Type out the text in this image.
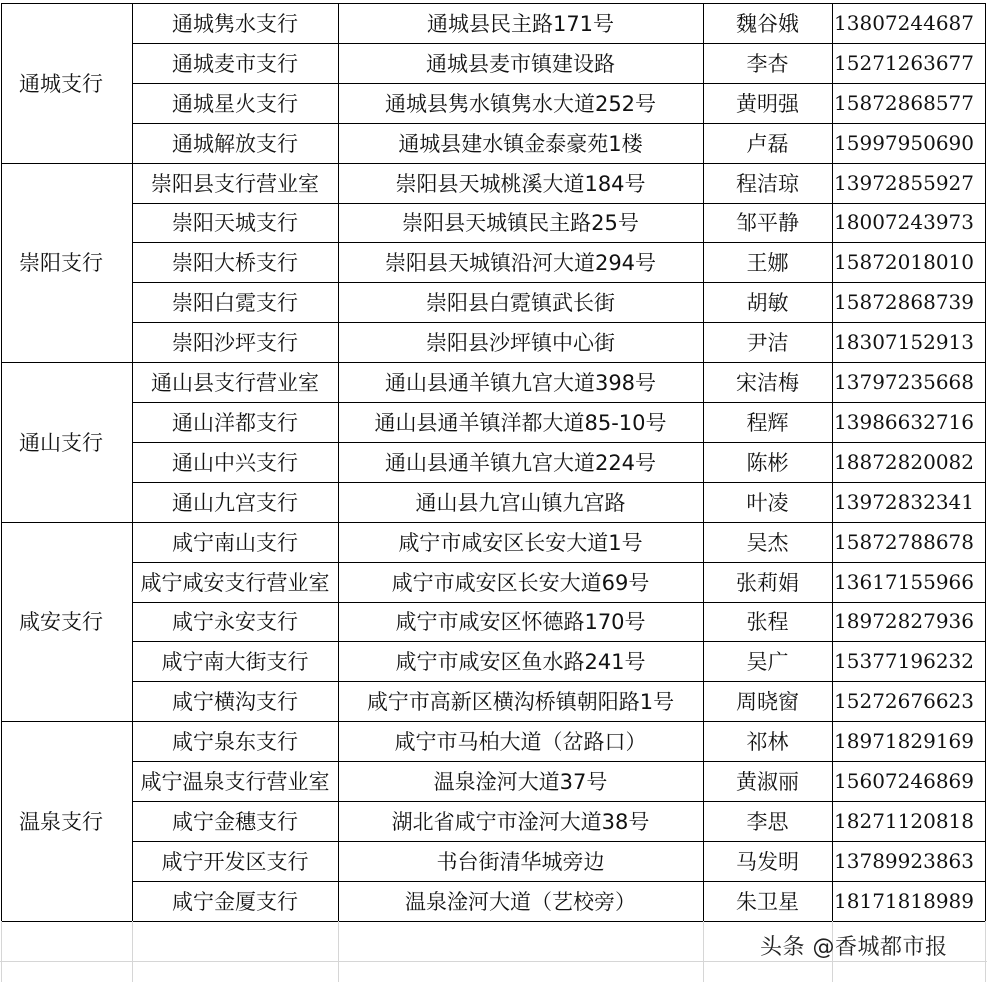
通城支行
通城隽水支行	通城县民主路171号	魏谷娥	13807244687
通城麦市支行	通城县麦市镇建设路	李杏	15271263677
通城星火支行	通城县隽水镇隽水大道252号	黄明强	15872868577
通城解放支行	通城县建水镇金泰豪苑1楼	卢磊	15997950690
崇阳支行
崇阳县支行营业室	崇阳县天城桃溪大道184号	程洁琼	13972855927
崇阳天城支行	崇阳县天城镇民主路25号	邹平静	18007243973
崇阳大桥支行	崇阳县天城镇沿河大道294号	王娜	15872018010
崇阳白霓支行	崇阳县白霓镇武长街	胡敏	15872868739
崇阳沙坪支行	崇阳县沙坪镇中心街	尹洁	18307152913
通山支行
通山县支行营业室	通山县通羊镇九宫大道398号	宋洁梅	13797235668
通山洋都支行	通山县通羊镇洋都大道85-10号	程辉	13986632716
通山中兴支行	通山县通羊镇九宫大道224号	陈彬	18872820082
通山九宫支行	通山县九宫山镇九宫路	叶凌	13972832341
咸安支行
咸宁南山支行	咸宁市咸安区长安大道1号	吴杰	15872788678
咸宁咸安支行营业室	咸宁市咸安区长安大道69号	张莉娟	13617155966
咸宁永安支行	咸宁市咸安区怀德路170号	张程	18972827936
咸宁南大街支行	咸宁市咸安区鱼水路241号	吴广	15377196232
咸宁横沟支行	咸宁市高新区横沟桥镇朝阳路1号	周晓窗	15272676623
温泉支行
咸宁泉东支行	咸宁市马柏大道（岔路口）	祁林	18971829169
咸宁温泉支行营业室	温泉淦河大道37号	黄淑丽	15607246869
咸宁金穗支行	湖北省咸宁市淦河大道38号	李思	18271120818
咸宁开发区支行	书台街清华城旁边	马发明	13789923863
咸宁金厦支行	温泉淦河大道（艺校旁）	朱卫星	18171818989
头条 @香城都市报
